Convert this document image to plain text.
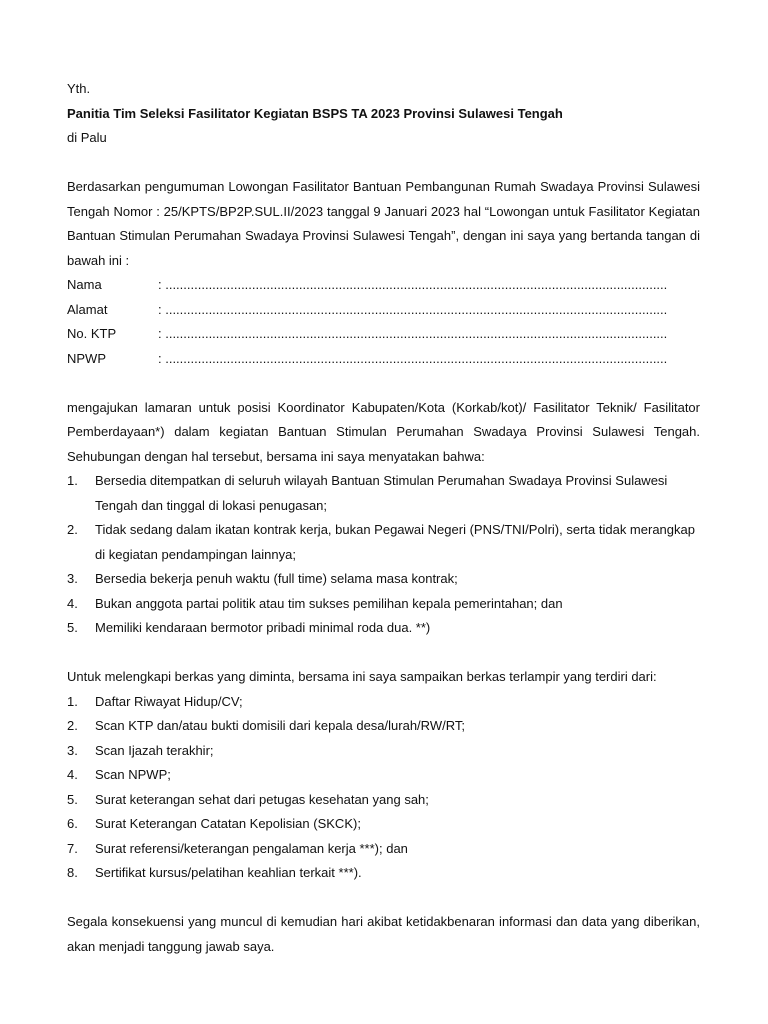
Yth.
Panitia Tim Seleksi Fasilitator Kegiatan BSPS TA 2023 Provinsi Sulawesi Tengah
di Palu
Berdasarkan pengumuman Lowongan Fasilitator Bantuan Pembangunan Rumah Swadaya Provinsi Sulawesi Tengah Nomor : 25/KPTS/BP2P.SUL.II/2023 tanggal 9 Januari 2023 hal “Lowongan untuk Fasilitator Kegiatan Bantuan Stimulan Perumahan Swadaya Provinsi Sulawesi Tengah”, dengan ini saya yang bertanda tangan di bawah ini :
Nama	: ...........................................................................................................................................
Alamat	: ...........................................................................................................................................
No. KTP	: ...........................................................................................................................................
NPWP	: ...........................................................................................................................................
mengajukan lamaran untuk posisi Koordinator Kabupaten/Kota (Korkab/kot)/ Fasilitator Teknik/ Fasilitator Pemberdayaan*) dalam kegiatan Bantuan Stimulan Perumahan Swadaya Provinsi Sulawesi Tengah. Sehubungan dengan hal tersebut, bersama ini saya menyatakan bahwa:
1.	Bersedia ditempatkan di seluruh wilayah Bantuan Stimulan Perumahan Swadaya Provinsi Sulawesi Tengah dan tinggal di lokasi penugasan;
2.	Tidak sedang dalam ikatan kontrak kerja, bukan Pegawai Negeri (PNS/TNI/Polri), serta tidak merangkap di kegiatan pendampingan lainnya;
3.	Bersedia bekerja penuh waktu (full time) selama masa kontrak;
4.	Bukan anggota partai politik atau tim sukses pemilihan kepala pemerintahan; dan
5.	Memiliki kendaraan bermotor pribadi minimal roda dua. **)
Untuk melengkapi berkas yang diminta, bersama ini saya sampaikan berkas terlampir yang terdiri dari:
1.	Daftar Riwayat Hidup/CV;
2.	Scan KTP dan/atau bukti domisili dari kepala desa/lurah/RW/RT;
3.	Scan Ijazah terakhir;
4.	Scan NPWP;
5.	Surat keterangan sehat dari petugas kesehatan yang sah;
6.	Surat Keterangan Catatan Kepolisian (SKCK);
7.	Surat referensi/keterangan pengalaman kerja ***); dan
8.	Sertifikat kursus/pelatihan keahlian terkait ***).
Segala konsekuensi yang muncul di kemudian hari akibat ketidakbenaran informasi dan data yang diberikan, akan menjadi tanggung jawab saya.
